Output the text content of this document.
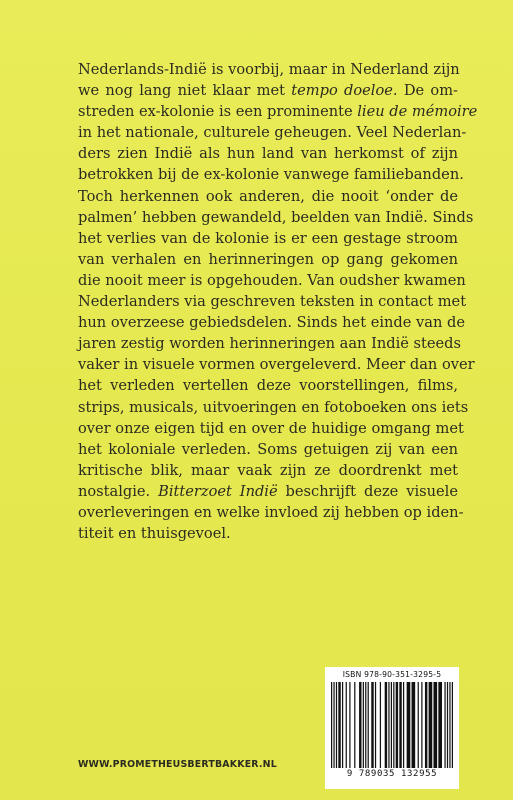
Nederlands-Indië is voorbij, maar in Nederland zijn
we nog lang niet klaar met tempo doeloe. De om-
streden ex-kolonie is een prominente lieu de mémoire
in het nationale, culturele geheugen. Veel Nederlan-
ders zien Indië als hun land van herkomst of zijn
betrokken bij de ex-kolonie vanwege familiebanden.
Toch herkennen ook anderen, die nooit ‘onder de
palmen’ hebben gewandeld, beelden van Indië. Sinds
het verlies van de kolonie is er een gestage stroom
van verhalen en herinneringen op gang gekomen
die nooit meer is opgehouden. Van oudsher kwamen
Nederlanders via geschreven teksten in contact met
hun overzeese gebiedsdelen. Sinds het einde van de
jaren zestig worden herinneringen aan Indië steeds
vaker in visuele vormen overgeleverd. Meer dan over
het verleden vertellen deze voorstellingen, films,
strips, musicals, uitvoeringen en fotoboeken ons iets
over onze eigen tijd en over de huidige omgang met
het koloniale verleden. Soms getuigen zij van een
kritische blik, maar vaak zijn ze doordrenkt met
nostalgie. Bitterzoet Indië beschrijft deze visuele
overleveringen en welke invloed zij hebben op iden-
titeit en thuisgevoel.
ISBN 978-90-351-3295-5
9 789035 132955
WWW.PROMETHEUSBERTBAKKER.NL
